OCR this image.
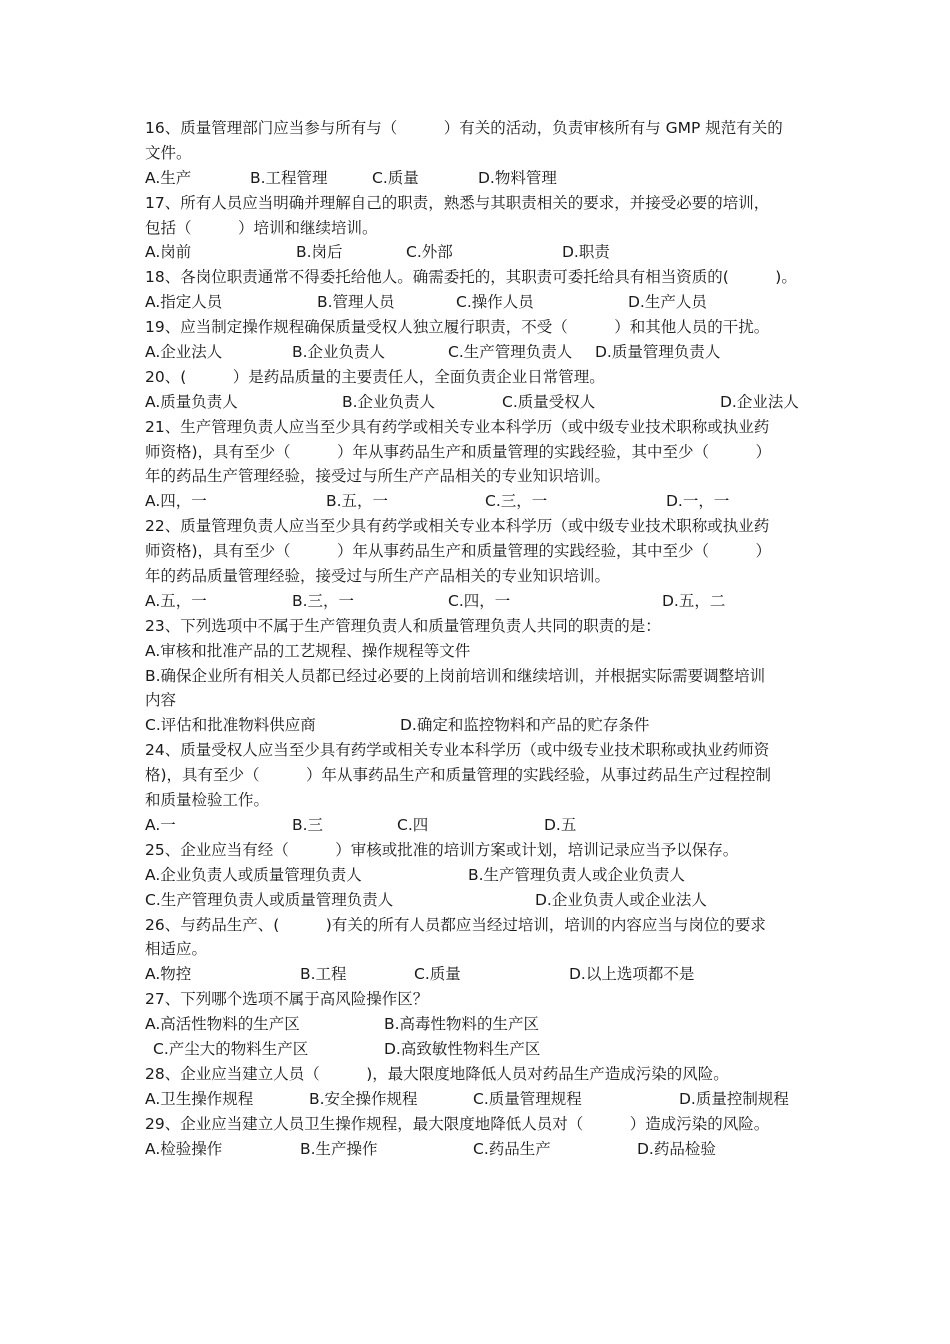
16、质量管理部门应当参与所有与（　　　）有关的活动，负责审核所有与 GMP 规范有关的
文件。
A.生产	B.工程管理	C.质量	D.物料管理
17、所有人员应当明确并理解自己的职责，熟悉与其职责相关的要求，并接受必要的培训，
包括（　　　）培训和继续培训。
A.岗前	B.岗后	C.外部	D.职责
18、各岗位职责通常不得委托给他人。确需委托的，其职责可委托给具有相当资质的(　　　)。
A.指定人员	B.管理人员	C.操作人员	D.生产人员
19、应当制定操作规程确保质量受权人独立履行职责，不受（　　　）和其他人员的干扰。
A.企业法人	B.企业负责人	C.生产管理负责人 D.质量管理负责人
20、(　　　）是药品质量的主要责任人，全面负责企业日常管理。
A.质量负责人	B.企业负责人	C.质量受权人	D.企业法人
21、生产管理负责人应当至少具有药学或相关专业本科学历（或中级专业技术职称或执业药
师资格)，具有至少（　　　）年从事药品生产和质量管理的实践经验，其中至少（　　　）
年的药品生产管理经验，接受过与所生产产品相关的专业知识培训。
A.四，一	B.五，一	C.三，一	D.一，一
22、质量管理负责人应当至少具有药学或相关专业本科学历（或中级专业技术职称或执业药
师资格)，具有至少（　　　）年从事药品生产和质量管理的实践经验，其中至少（　　　）
年的药品质量管理经验，接受过与所生产产品相关的专业知识培训。
A.五，一	B.三，一	C.四，一	D.五，二
23、下列选项中不属于生产管理负责人和质量管理负责人共同的职责的是：
A.审核和批准产品的工艺规程、操作规程等文件
B.确保企业所有相关人员都已经过必要的上岗前培训和继续培训，并根据实际需要调整培训
内容
C.评估和批准物料供应商	D.确定和监控物料和产品的贮存条件
24、质量受权人应当至少具有药学或相关专业本科学历（或中级专业技术职称或执业药师资
格)，具有至少（　　　）年从事药品生产和质量管理的实践经验，从事过药品生产过程控制
和质量检验工作。
A.一	B.三	C.四	D.五
25、企业应当有经（　　　）审核或批准的培训方案或计划，培训记录应当予以保存。
A.企业负责人或质量管理负责人	B.生产管理负责人或企业负责人
C.生产管理负责人或质量管理负责人	D.企业负责人或企业法人
26、与药品生产、(　　　)有关的所有人员都应当经过培训，培训的内容应当与岗位的要求
相适应。
A.物控	B.工程	C.质量	D.以上选项都不是
27、下列哪个选项不属于高风险操作区？
A.高活性物料的生产区	B.高毒性物料的生产区
C.产尘大的物料生产区	D.高致敏性物料生产区
28、企业应当建立人员（　　　)，最大限度地降低人员对药品生产造成污染的风险。
A.卫生操作规程	B.安全操作规程	C.质量管理规程	D.质量控制规程
29、企业应当建立人员卫生操作规程，最大限度地降低人员对（　　　）造成污染的风险。
A.检验操作	B.生产操作	C.药品生产	D.药品检验
